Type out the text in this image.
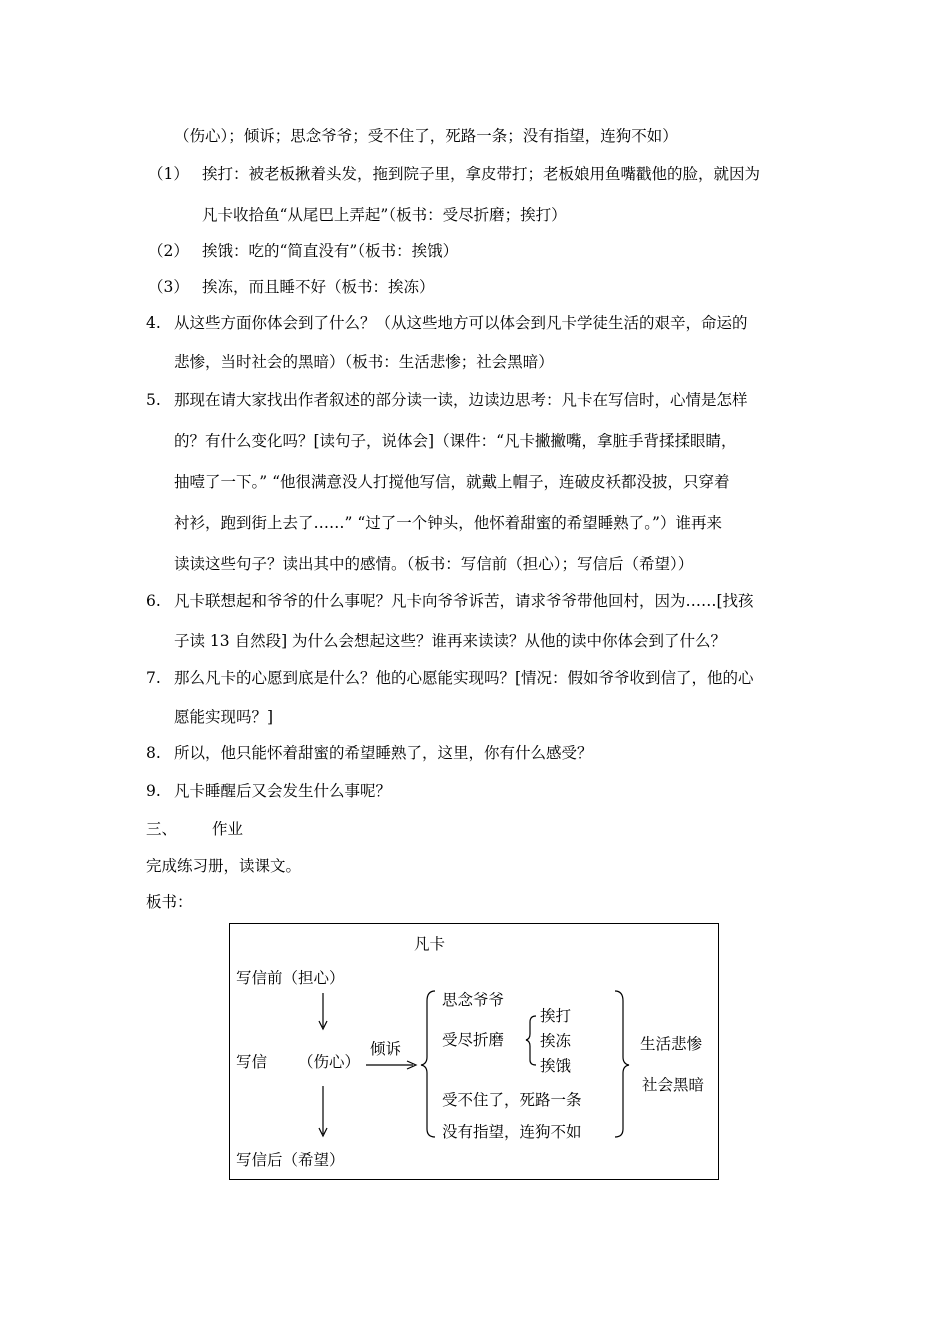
（伤心）；倾诉；思念爷爷；受不住了，死路一条；没有指望，连狗不如）
（1） 挨打：被老板揪着头发，拖到院子里，拿皮带打；老板娘用鱼嘴戳他的脸，就因为
凡卡收拾鱼“从尾巴上弄起”（板书：受尽折磨；挨打）
（2） 挨饿：吃的“简直没有”（板书：挨饿）
（3） 挨冻，而且睡不好（板书：挨冻）
4. 从这些方面你体会到了什么？（从这些地方可以体会到凡卡学徒生活的艰辛，命运的
悲惨，当时社会的黑暗）（板书：生活悲惨；社会黑暗）
5. 那现在请大家找出作者叙述的部分读一读，边读边思考：凡卡在写信时，心情是怎样
的？有什么变化吗？[读句子，说体会]（课件：“凡卡撇撇嘴，拿脏手背揉揉眼睛，
抽噎了一下。” “他很满意没人打搅他写信，就戴上帽子，连破皮袄都没披，只穿着
衬衫，跑到街上去了……” “过了一个钟头，他怀着甜蜜的希望睡熟了。”）谁再来
读读这些句子？读出其中的感情。（板书：写信前（担心）；写信后（希望））
6. 凡卡联想起和爷爷的什么事呢？凡卡向爷爷诉苦，请求爷爷带他回村，因为……[找孩
子读 13 自然段] 为什么会想起这些？谁再来读读？从他的读中你体会到了什么？
7. 那么凡卡的心愿到底是什么？他的心愿能实现吗？[情况：假如爷爷收到信了，他的心
愿能实现吗？]
8. 所以，他只能怀着甜蜜的希望睡熟了，这里，你有什么感受？
9. 凡卡睡醒后又会发生什么事呢？
三、 作业
完成练习册，读课文。
板书：
凡卡
写信前（担心）
写信 （伤心）
写信后（希望）
倾诉
思念爷爷
受尽折磨
挨打
挨冻
挨饿
受不住了，死路一条
没有指望，连狗不如
生活悲惨
社会黑暗
